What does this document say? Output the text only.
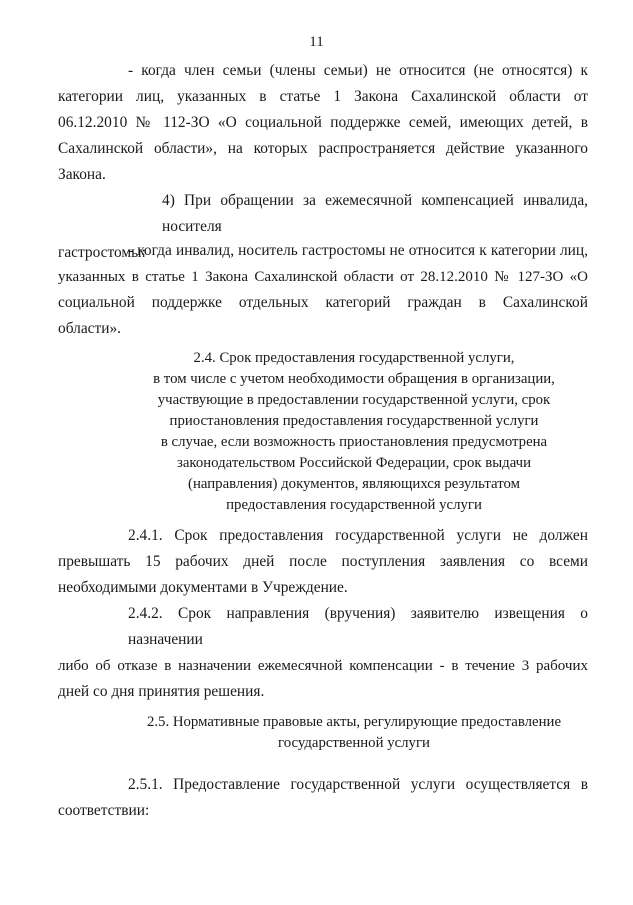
11
- когда член семьи (члены семьи) не относится (не относятся) к
категории лиц, указанных в статье 1 Закона Сахалинской области от
06.12.2010 № 112-ЗО «О социальной поддержке семей, имеющих детей, в
Сахалинской области», на которых распространяется действие указанного
Закона.
4) При обращении за ежемесячной компенсацией инвалида, носителя
гастростомы:
- когда инвалид, носитель гастростомы не относится к категории лиц,
указанных в статье 1 Закона Сахалинской области от 28.12.2010 № 127-ЗО «О
социальной поддержке отдельных категорий граждан в Сахалинской
области».
2.4. Срок предоставления государственной услуги,
в том числе с учетом необходимости обращения в организации,
участвующие в предоставлении государственной услуги, срок
приостановления предоставления государственной услуги
в случае, если возможность приостановления предусмотрена
законодательством Российской Федерации, срок выдачи
(направления) документов, являющихся результатом
предоставления государственной услуги
2.4.1. Срок предоставления государственной услуги не должен
превышать 15 рабочих дней после поступления заявления со всеми
необходимыми документами в Учреждение.
2.4.2. Срок направления (вручения) заявителю извещения о назначении
либо об отказе в назначении ежемесячной компенсации - в течение 3 рабочих
дней со дня принятия решения.
2.5. Нормативные правовые акты, регулирующие предоставление
государственной услуги
2.5.1. Предоставление государственной услуги осуществляется в
соответствии:
